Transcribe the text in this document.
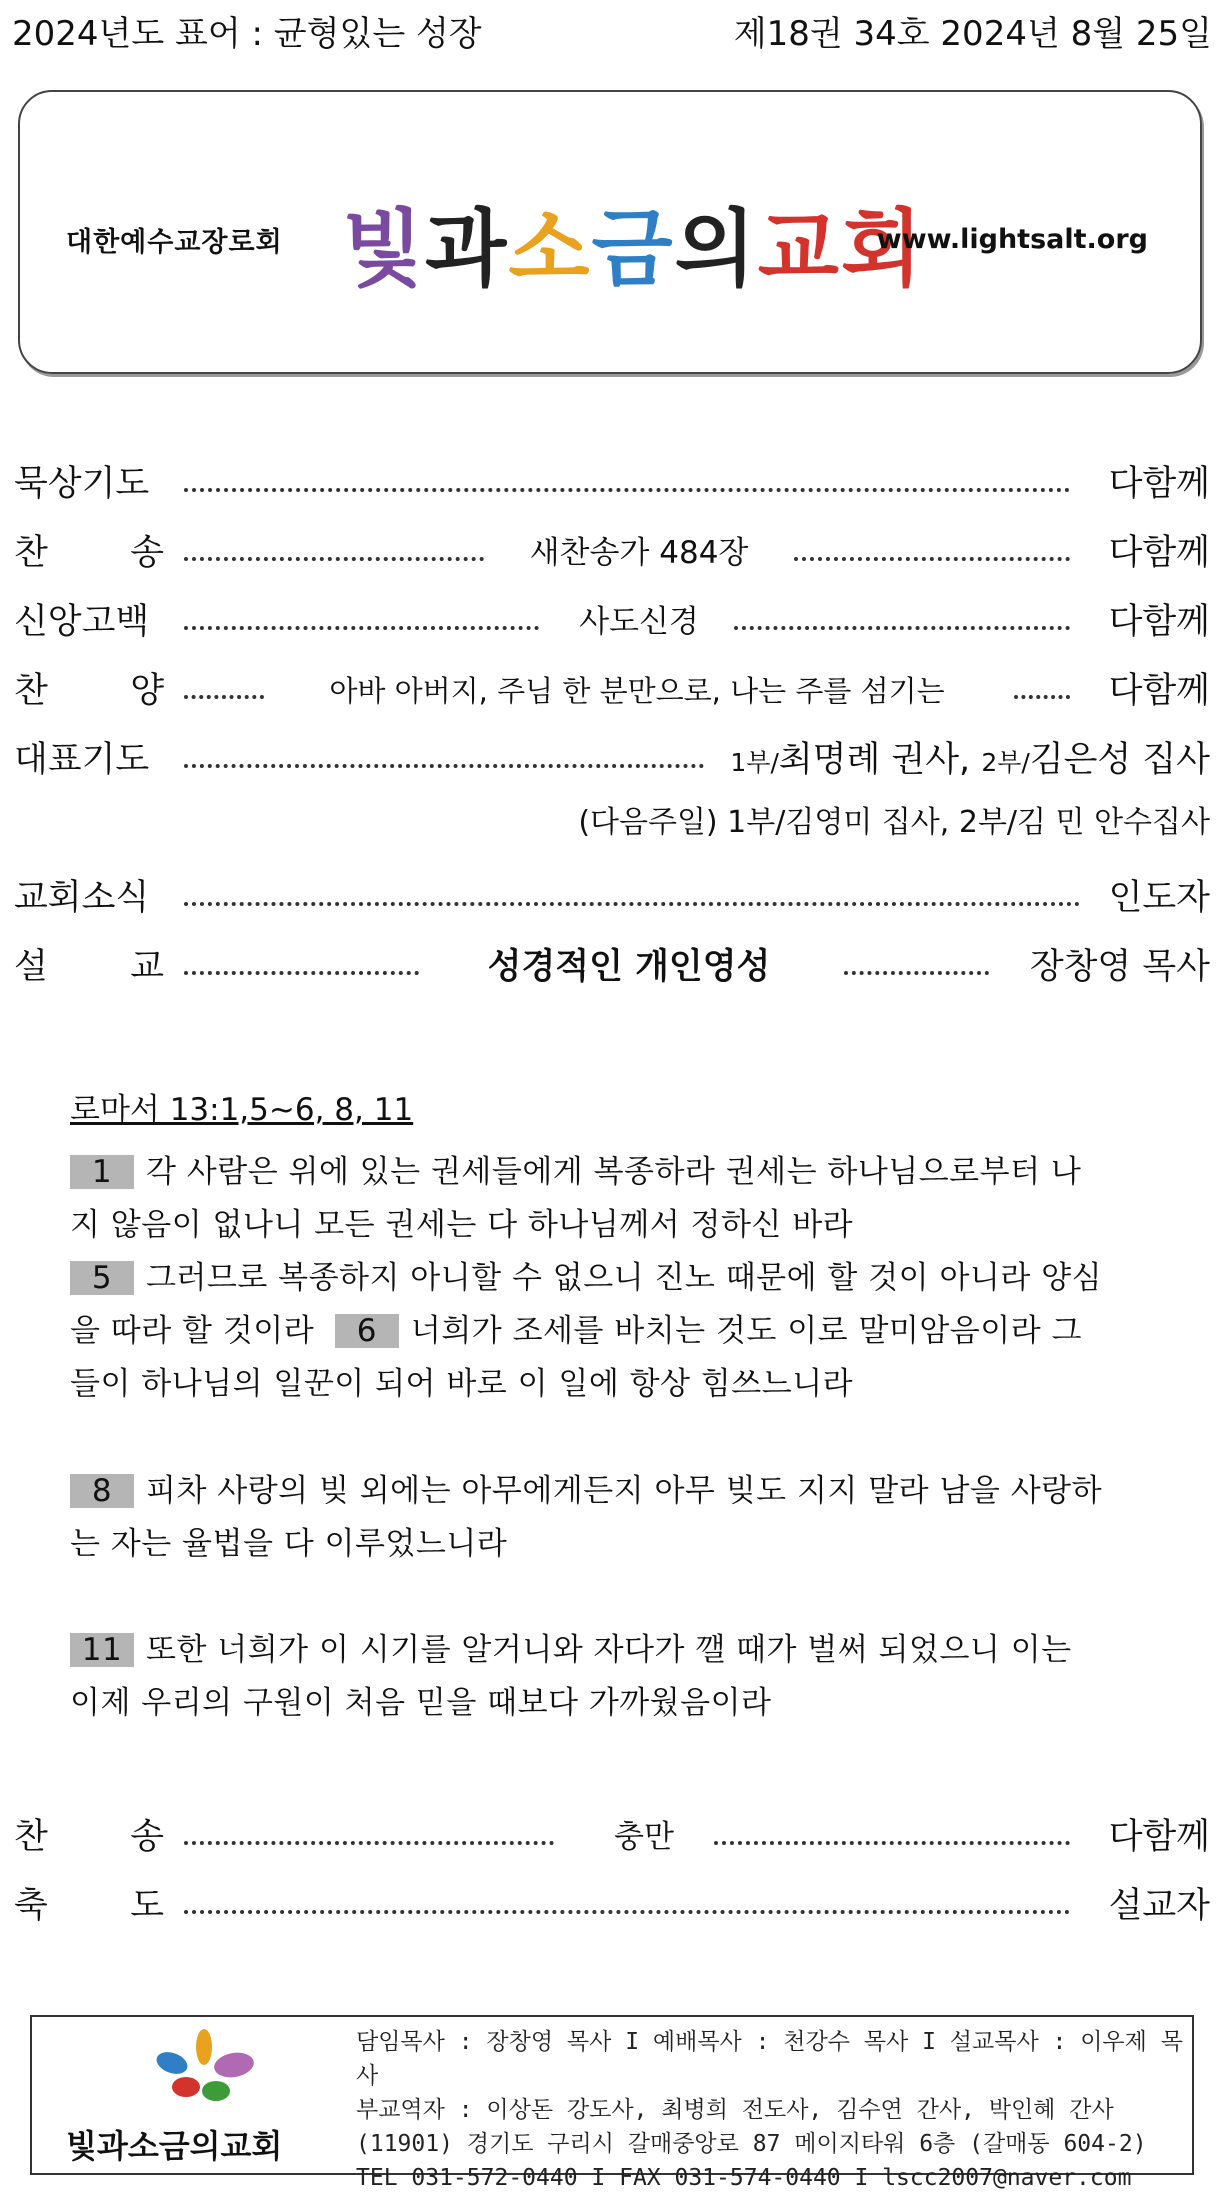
2024년도 표어 : 균형있는 성장	제18권 34호 2024년 8월 25일
대한예수교장로회 빛과소금의교회
www.lightsalt.org
묵상기도	다함께
찬 송	새찬송가 484장	다함께
신앙고백	사도신경	다함께
찬 양	아바 아버지, 주님 한 분만으로, 나는 주를 섬기는	다함께
대표기도	1부/최명례 권사, 2부/김은성 집사
교회소식	인도자
설 교	성경적인 개인영성	장창영 목사
(다음주일) 1부/김영미 집사, 2부/김 민 안수집사
로마서 13:1,5~6, 8, 11
1 각 사람은 위에 있는 권세들에게 복종하라 권세는 하나님으로부터 나
지 않음이 없나니 모든 권세는 다 하나님께서 정하신 바라
5 그러므로 복종하지 아니할 수 없으니 진노 때문에 할 것이 아니라 양심
을 따라 할 것이라 6 너희가 조세를 바치는 것도 이로 말미암음이라 그
들이 하나님의 일꾼이 되어 바로 이 일에 항상 힘쓰느니라
8 피차 사랑의 빚 외에는 아무에게든지 아무 빚도 지지 말라 남을 사랑하
는 자는 율법을 다 이루었느니라
11 또한 너희가 이 시기를 알거니와 자다가 깰 때가 벌써 되었으니 이는
이제 우리의 구원이 처음 믿을 때보다 가까웠음이라
찬 송	충만	다함께
축 도	설교자
빛과소금의교회
담임목사 : 장창영 목사 I 예배목사 : 천강수 목사 I 설교목사 : 이우제 목사
부교역자 : 이상돈 강도사, 최병희 전도사, 김수연 간사, 박인혜 간사
(11901) 경기도 구리시 갈매중앙로 87 메이지타워 6층 (갈매동 604-2)
TEL 031-572-0440 I FAX 031-574-0440 I lscc2007@naver.com
